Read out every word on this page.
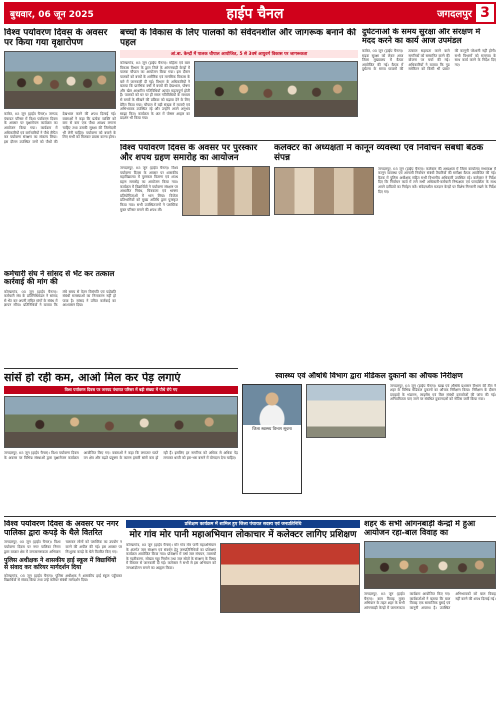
बुधवार, 06 जून 2025	हाईप चैनल	जगदलपुर 3
विश्व पर्यावरण दिवस के अवसर पर किया गया वृक्षारोपण
कांकेर, 05 जून (हाईप चैनल)। जनपद पंचायत परिसर में विश्व पर्यावरण दिवस के अवसर पर वृक्षारोपण कार्यक्रम का आयोजन किया गया। कार्यक्रम में अधिकारियों एवं कर्मचारियों ने पौधे रोपित कर पर्यावरण संरक्षण का संकल्प लिया। इस दौरान उपस्थित जनों को पौधों की देखभाल करने की शपथ दिलाई गई। वक्ताओं ने कहा कि प्रत्येक व्यक्ति को कम से कम एक पौधा अवश्य लगाना चाहिए तथा उसकी सुरक्षा की जिम्मेदारी भी लेनी चाहिए। पर्यावरण को बचाने के लिए सभी को मिलकर प्रयास करना होगा।
बच्चों के विकास के लिए पालकों को संवेदनशील और जागरूक बनाने की पहल
आं.बा. केन्द्रों में पालक चौपाल आयोजित, 5 से 3वर्ष आयुवर्ग विकास पर जागरूकता
कोण्डागांव, 05 जून (हाईप चैनल)। महिला एवं बाल विकास विभाग के द्वारा जिले के आंगनबाड़ी केन्द्रों में पालक चौपाल का आयोजन किया गया। इस दौरान पालकों को बच्चों के शारीरिक एवं मानसिक विकास के बारे में जानकारी दी गई। विभाग के अधिकारियों ने बताया कि प्रारंभिक वर्षों में बच्चों की देखभाल, पोषण और खेल आधारित गतिविधियाँ अत्यंत महत्वपूर्ण होती हैं। पालकों को घर पर ही सरल गतिविधियों के माध्यम से बच्चों के सीखने की प्रक्रिया को बढ़ावा देने के लिए प्रेरित किया गया। चौपाल में बड़ी संख्या में माताएँ एवं अभिभावक उपस्थित रहे और उन्होंने अपने अनुभव साझा किए। कार्यक्रम के अंत में पोषण आहार का प्रदर्शन भी किया गया।
दुर्घटनाओं के समय सुरक्षा और संरक्षण में मदद करने का कार्य आज उपमंडल
कांकेर, 05 जून (हाईप चैनल)। सड़क सुरक्षा को लेकर आज जिला मुख्यालय में बैठक आयोजित की गई। बैठक में दुर्घटना के समय घायलों की तत्काल सहायता करने वाले नागरिकों को सम्मानित करने की योजना पर चर्चा की गई। अधिकारियों ने बताया कि गुड समेरिटन को किसी भी प्रकार की कानूनी परेशानी नहीं होगी। सभी विभागों को समन्वय के साथ कार्य करने के निर्देश दिए गए।
विश्व पर्यावरण दिवस के अवसर पर पुरस्कार और शपथ ग्रहण समारोह का आयोजन
जगदलपुर, 05 जून (हाईप चैनल)। विश्व पर्यावरण दिवस के अवसर पर शासकीय महाविद्यालय में पुरस्कार वितरण एवं शपथ ग्रहण समारोह का आयोजन किया गया। कार्यक्रम में विद्यार्थियों ने पर्यावरण संरक्षण पर आधारित निबंध, चित्रकला एवं भाषण प्रतियोगिताओं में भाग लिया। विजेता प्रतिभागियों को मुख्य अतिथि द्वारा पुरस्कृत किया गया। सभी उपस्थितजनों ने प्लास्टिक मुक्त परिसर बनाने की शपथ ली।
कलेक्टर की अध्यक्षता में कानून व्यवस्था एवं निर्वाचन संबंधी बैठक संपन्न
जगदलपुर, 05 जून (हाईप चैनल)। कलेक्टर की अध्यक्षता में जिला कार्यालय सभाकक्ष में कानून व्यवस्था एवं आगामी निर्वाचन संबंधी तैयारियों की समीक्षा बैठक आयोजित की गई। बैठक में पुलिस अधीक्षक सहित सभी विभागीय अधिकारी उपस्थित रहे। कलेक्टर ने निर्देश दिए कि निर्वाचन कार्य में लगे सभी अधिकारी-कर्मचारी निष्पक्षता एवं पारदर्शिता के साथ अपने दायित्वों का निर्वहन करें। संवेदनशील मतदान केन्द्रों पर विशेष निगरानी रखने के निर्देश दिए गए।
कर्मचारी संघ ने सांसद से भेंट कर तत्काल कार्रवाई की मांग की
कोण्डागांव, 05 जून (हाईप चैनल)। कर्मचारी संघ के प्रतिनिधिमंडल ने सांसद से भेंट कर अपनी लंबित मांगों के संबंध में ज्ञापन सौंपा। प्रतिनिधियों ने बताया कि लंबे समय से वेतन विसंगति एवं पदोन्नति संबंधी समस्याओं का निराकरण नहीं हो पाया है। सांसद ने उचित कार्रवाई का आश्वासन दिया।
सांसें हो रही कम, आओ मिल कर पेड़ लगाएं
विश्व पर्यावरण दिवस पर जनपद पंचायत परिसर में बड़ी संख्या में पौधे रोपे गए
जगदलपुर, 05 जून (हाईप चैनल)। विश्व पर्यावरण दिवस के अवसर पर विभिन्न संस्थाओं द्वारा वृक्षारोपण कार्यक्रम आयोजित किए गए। वक्ताओं ने कहा कि लगातार घटते वन क्षेत्र और बढ़ते प्रदूषण के कारण हमारी सांसें कम हो रही हैं। इसलिए हर नागरिक को अधिक से अधिक पेड़ लगाकर धरती को हरा-भरा बनाने में योगदान देना चाहिए।
स्वास्थ्य एवं औषधि विभाग द्वारा मेडिकल दुकानों का औचक निरीक्षण
जिला स्वास्थ्य विभाग सूचना
जगदलपुर, 05 जून (हाईप चैनल)। खाद्य एवं औषधि प्रशासन विभाग की टीम ने शहर के विभिन्न मेडिकल दुकानों का औचक निरीक्षण किया। निरीक्षण के दौरान दवाइयों के भंडारण, लाइसेंस एवं बिल संबंधी दस्तावेजों की जांच की गई। अनियमितता पाए जाने पर संबंधित दुकानदारों को नोटिस जारी किया गया।
विश्व पर्यावरण दिवस के अवसर पर नगर पालिका द्वारा कपड़े के थैले वितरित
जगदलपुर, 05 जून (हाईप चैनल)। विश्व पर्यावरण दिवस पर नगर पालिका निगम द्वारा बाजार क्षेत्र में जनजागरूकता अभियान चलाकर लोगों को प्लास्टिक का उपयोग न करने की अपील की गई। इस अवसर पर निःशुल्क कपड़े के थैले वितरित किए गए।
पुलिस अधीक्षक ने शासकीय हाई स्कूल में विद्यार्थियों से संवाद कर करियर मार्गदर्शन दिया
कोण्डागांव, 05 जून (हाईप चैनल)। पुलिस अधीक्षक ने शासकीय हाई स्कूल पहुँचकर विद्यार्थियों से संवाद किया तथा उन्हें करियर संबंधी मार्गदर्शन दिया।
प्रशिक्षण कार्यक्रम में शामिल हुए जिला पंचायत सदस्य एवं जनप्रतिनिधि
मोर गांव मोर पानी महाअभियान लोकाचार में कलेक्टर लागिए प्रशिक्षण
कोण्डागांव, 05 जून (हाईप चैनल)। मोर गांव मोर पानी महाअभियान के अंतर्गत जल संरक्षण एवं संवर्धन हेतु जनप्रतिनिधियों का प्रशिक्षण कार्यक्रम आयोजित किया गया। प्रशिक्षण में वर्षा जल संचयन, तालाबों के गहरीकरण, सोख्ता गड्ढा निर्माण तथा जल स्रोतों के संरक्षण के विषय में विस्तार से जानकारी दी गई। कलेक्टर ने सभी से इस अभियान को जनआंदोलन बनाने का आह्वान किया।
शहर के सभी आंगनबाड़ी केन्द्रों में हुआ आयोजन रहा-बाल विवाह का
जगदलपुर, 05 जून (हाईप चैनल)। बाल विवाह मुक्त अभियान के तहत शहर के सभी आंगनबाड़ी केन्द्रों में जागरूकता कार्यक्रम आयोजित किए गए। कार्यकर्ताओं ने बताया कि बाल विवाह एक सामाजिक बुराई एवं कानूनी अपराध है। उपस्थित अभिभावकों को बाल विवाह नहीं करने की शपथ दिलाई गई।
